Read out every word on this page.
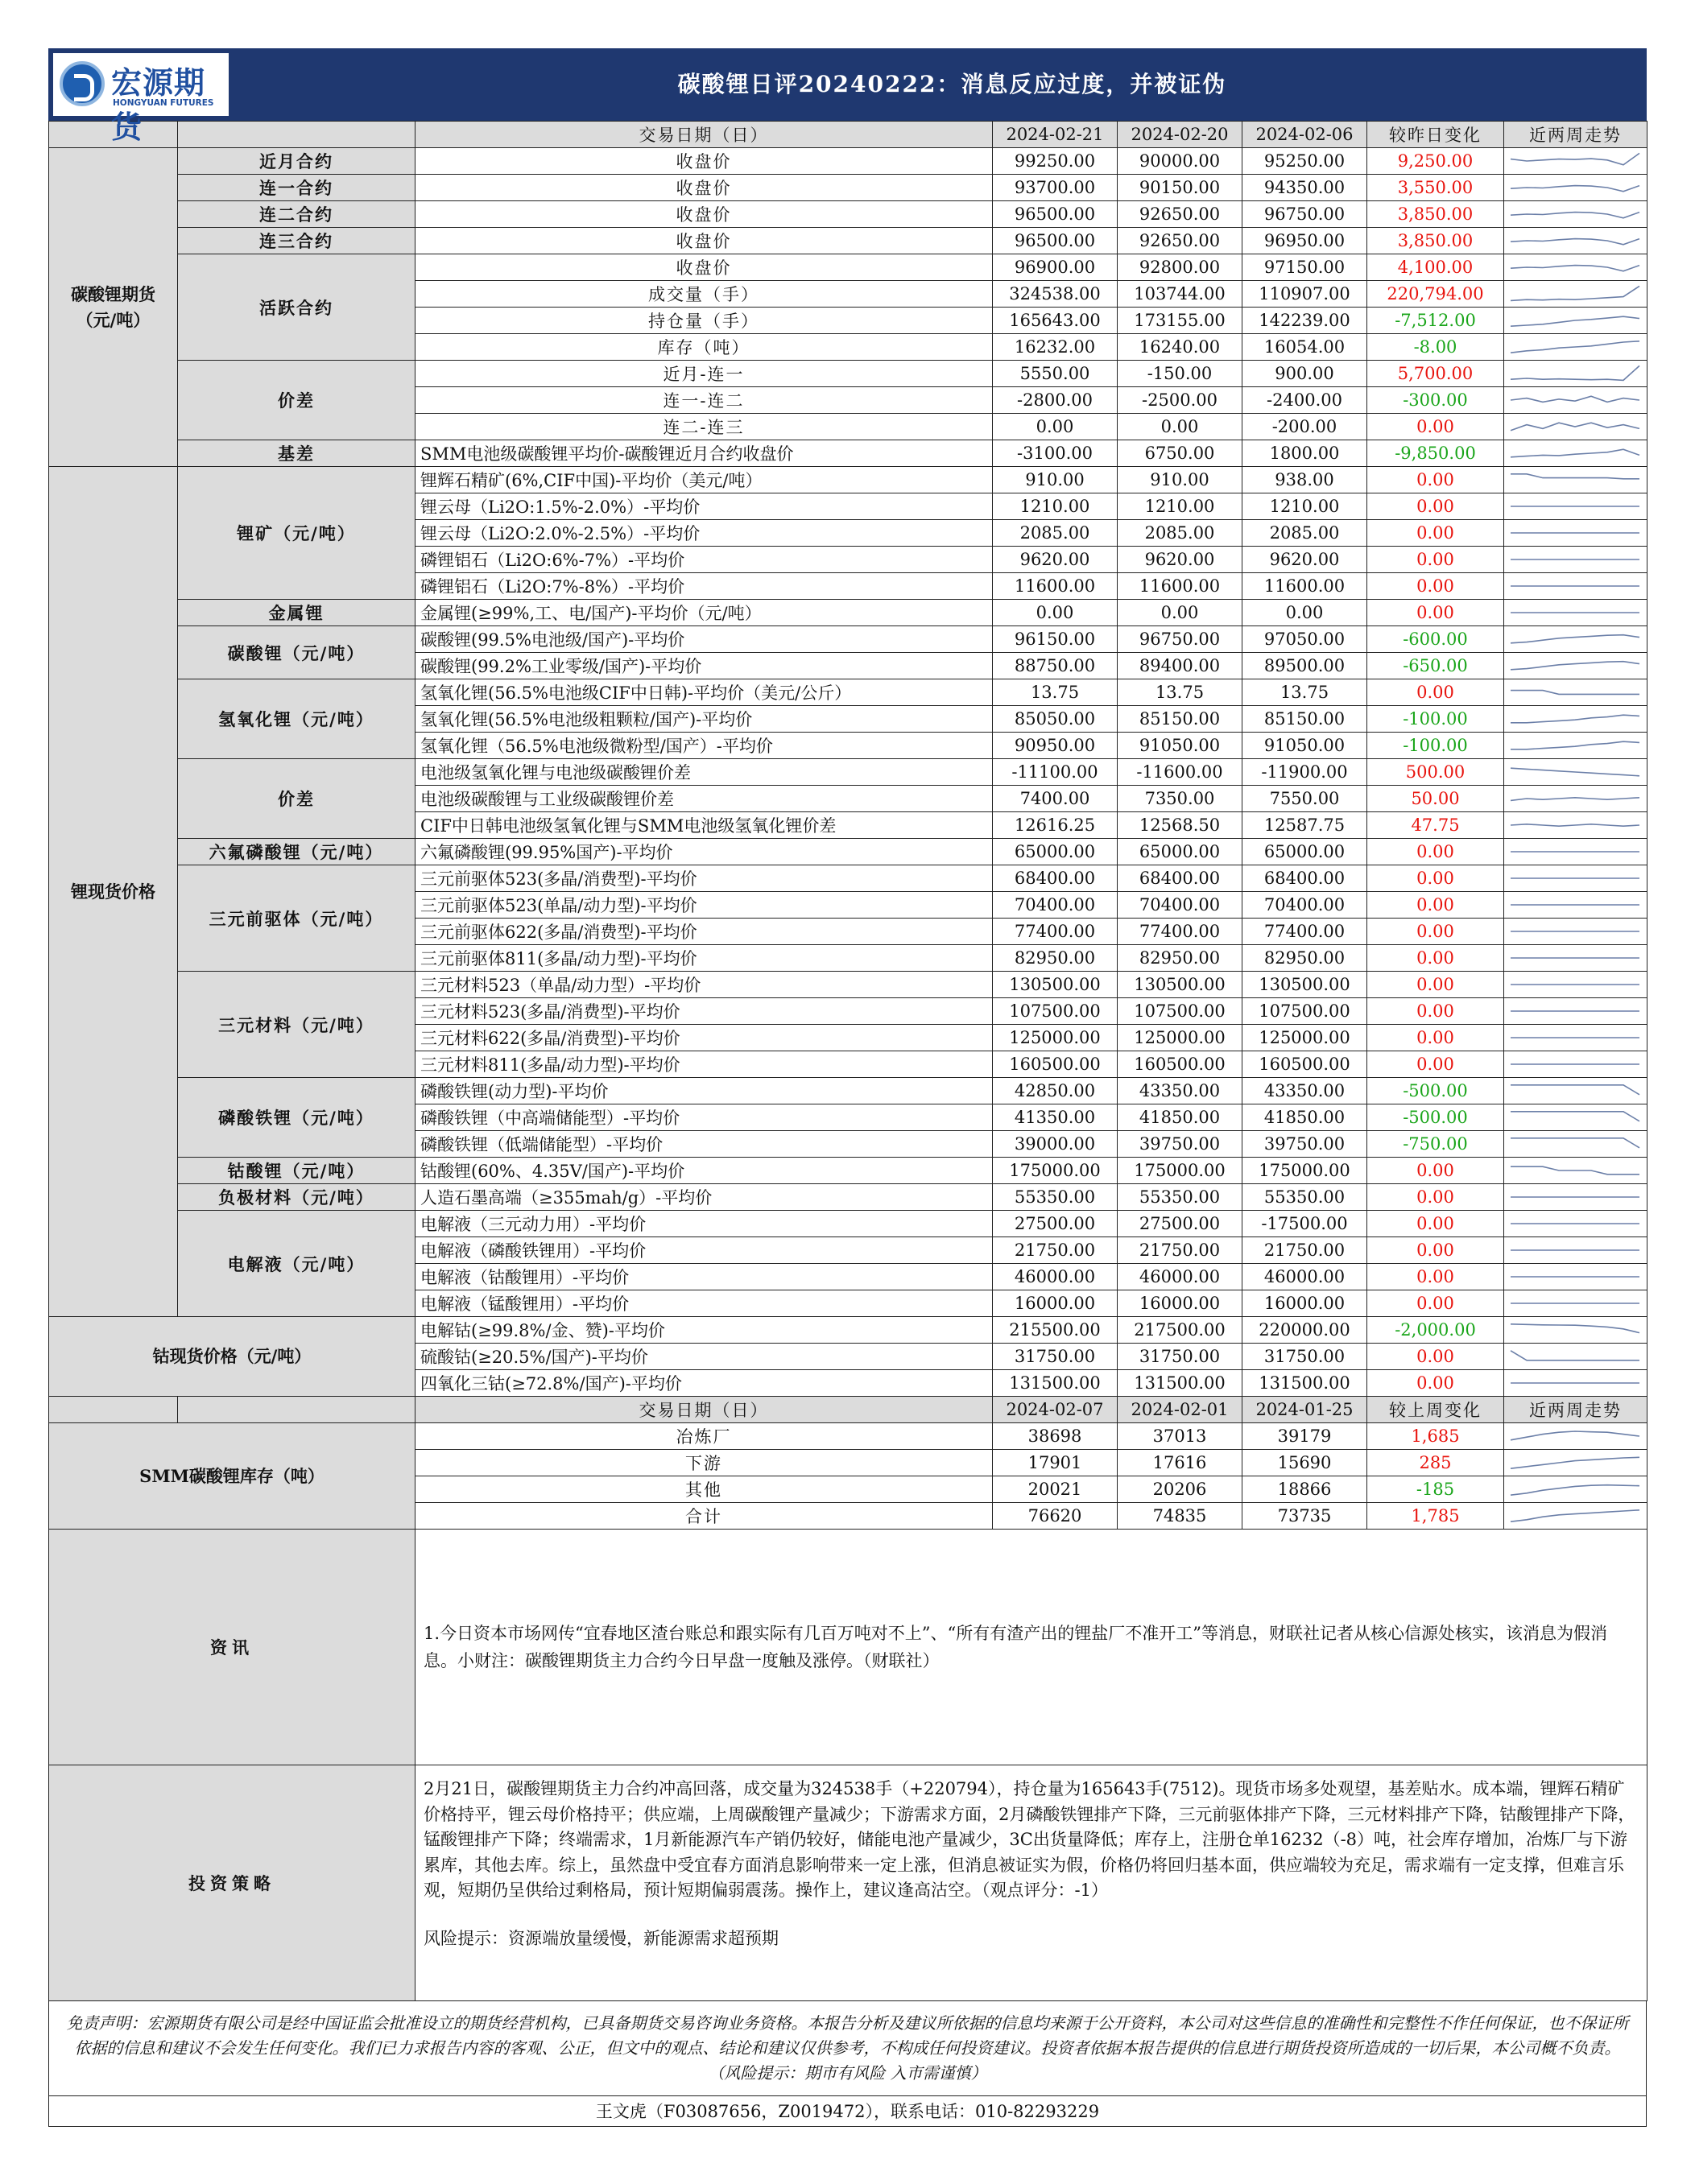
宏源期货
HONGYUAN FUTURES
碳酸锂日评20240222：消息反应过度，并被证伪
		交易日期（日）	2024-02-21	2024-02-20	2024-02-06	较昨日变化	近两周走势
碳酸锂期货（元/吨）	近月合约	收盘价	99250.00	90000.00	95250.00	9,250.00	

	连一合约	收盘价	93700.00	90150.00	94350.00	3,550.00	

	连二合约	收盘价	96500.00	92650.00	96750.00	3,850.00	

	连三合约	收盘价	96500.00	92650.00	96950.00	3,850.00	

	活跃合约	收盘价	96900.00	92800.00	97150.00	4,100.00	

		成交量（手）	324538.00	103744.00	110907.00	220,794.00	

		持仓量（手）	165643.00	173155.00	142239.00	-7,512.00	

		库存（吨）	16232.00	16240.00	16054.00	-8.00	

	价差	近月-连一	5550.00	-150.00	900.00	5,700.00	

		连一-连二	-2800.00	-2500.00	-2400.00	-300.00	

		连二-连三	0.00	0.00	-200.00	0.00	

	基差	SMM电池级碳酸锂平均价-碳酸锂近月合约收盘价	-3100.00	6750.00	1800.00	-9,850.00	

锂现货价格	锂矿（元/吨）	锂辉石精矿(6%,CIF中国)-平均价（美元/吨）	910.00	910.00	938.00	0.00	

		锂云母（Li2O:1.5%-2.0%）-平均价	1210.00	1210.00	1210.00	0.00	

		锂云母（Li2O:2.0%-2.5%）-平均价	2085.00	2085.00	2085.00	0.00	

		磷锂铝石（Li2O:6%-7%）-平均价	9620.00	9620.00	9620.00	0.00	

		磷锂铝石（Li2O:7%-8%）-平均价	11600.00	11600.00	11600.00	0.00	

	金属锂	金属锂(≥99%,工、电/国产)-平均价（元/吨）	0.00	0.00	0.00	0.00	

	碳酸锂（元/吨）	碳酸锂(99.5%电池级/国产)-平均价	96150.00	96750.00	97050.00	-600.00	

		碳酸锂(99.2%工业零级/国产)-平均价	88750.00	89400.00	89500.00	-650.00	

	氢氧化锂（元/吨）	氢氧化锂(56.5%电池级CIF中日韩)-平均价（美元/公斤）	13.75	13.75	13.75	0.00	

		氢氧化锂(56.5%电池级粗颗粒/国产)-平均价	85050.00	85150.00	85150.00	-100.00	

		氢氧化锂（56.5%电池级微粉型/国产）-平均价	90950.00	91050.00	91050.00	-100.00	

	价差	电池级氢氧化锂与电池级碳酸锂价差	-11100.00	-11600.00	-11900.00	500.00	

		电池级碳酸锂与工业级碳酸锂价差	7400.00	7350.00	7550.00	50.00	

		CIF中日韩电池级氢氧化锂与SMM电池级氢氧化锂价差	12616.25	12568.50	12587.75	47.75	

	六氟磷酸锂（元/吨）	六氟磷酸锂(99.95%国产)-平均价	65000.00	65000.00	65000.00	0.00	

	三元前驱体（元/吨）	三元前驱体523(多晶/消费型)-平均价	68400.00	68400.00	68400.00	0.00	

		三元前驱体523(单晶/动力型)-平均价	70400.00	70400.00	70400.00	0.00	

		三元前驱体622(多晶/消费型)-平均价	77400.00	77400.00	77400.00	0.00	

		三元前驱体811(多晶/动力型)-平均价	82950.00	82950.00	82950.00	0.00	

	三元材料（元/吨）	三元材料523（单晶/动力型）-平均价	130500.00	130500.00	130500.00	0.00	

		三元材料523(多晶/消费型)-平均价	107500.00	107500.00	107500.00	0.00	

		三元材料622(多晶/消费型)-平均价	125000.00	125000.00	125000.00	0.00	

		三元材料811(多晶/动力型)-平均价	160500.00	160500.00	160500.00	0.00	

	磷酸铁锂（元/吨）	磷酸铁锂(动力型)-平均价	42850.00	43350.00	43350.00	-500.00	

		磷酸铁锂（中高端储能型）-平均价	41350.00	41850.00	41850.00	-500.00	

		磷酸铁锂（低端储能型）-平均价	39000.00	39750.00	39750.00	-750.00	

	钴酸锂（元/吨）	钴酸锂(60%、4.35V/国产)-平均价	175000.00	175000.00	175000.00	0.00	

	负极材料（元/吨）	人造石墨高端（≥355mah/g）-平均价	55350.00	55350.00	55350.00	0.00	

	电解液（元/吨）	电解液（三元动力用）-平均价	27500.00	27500.00	-17500.00	0.00	

		电解液（磷酸铁锂用）-平均价	21750.00	21750.00	21750.00	0.00	

		电解液（钴酸锂用）-平均价	46000.00	46000.00	46000.00	0.00	

		电解液（锰酸锂用）-平均价	16000.00	16000.00	16000.00	0.00	

钴现货价格（元/吨）		电解钴(≥99.8%/金、赞)-平均价	215500.00	217500.00	220000.00	-2,000.00	

		硫酸钴(≥20.5%/国产)-平均价	31750.00	31750.00	31750.00	0.00	

		四氧化三钴(≥72.8%/国产)-平均价	131500.00	131500.00	131500.00	0.00	

		交易日期（日）	2024-02-07	2024-02-01	2024-01-25	较上周变化	近两周走势
SMM碳酸锂库存（吨）		冶炼厂	38698	37013	39179	1,685	

		下游	17901	17616	15690	285	

		其他	20021	20206	18866	-185	

		合计	76620	74835	73735	1,785	

资讯		1.今日资本市场网传“宜春地区渣台账总和跟实际有几百万吨对不上”、“所有有渣产出的锂盐厂不准开工”等消息，财联社记者从核心信源处核实，该消息为假消息。小财注：碳酸锂期货主力合约今日早盘一度触及涨停。（财联社）					
投资策略		2月21日，碳酸锂期货主力合约冲高回落，成交量为324538手（+220794），持仓量为165643手(7512)。现货市场多处观望，基差贴水。成本端，锂辉石精矿价格持平，锂云母价格持平；供应端，上周碳酸锂产量减少；下游需求方面，2月磷酸铁锂排产下降，三元前驱体排产下降，三元材料排产下降，钴酸锂排产下降，锰酸锂排产下降；终端需求，1月新能源汽车产销仍较好，储能电池产量减少，3C出货量降低；库存上，注册仓单16232（-8）吨，社会库存增加，冶炼厂与下游累库，其他去库。综上，虽然盘中受宜春方面消息影响带来一定上涨，但消息被证实为假，价格仍将回归基本面，供应端较为充足，需求端有一定支撑，但难言乐观，短期仍呈供给过剩格局，预计短期偏弱震荡。操作上，建议逢高沽空。（观点评分：-1）

风险提示：资源端放量缓慢，新能源需求超预期					

免责声明：宏源期货有限公司是经中国证监会批准设立的期货经营机构，已具备期货交易咨询业务资格。本报告分析及建议所依据的信息均来源于公开资料，本公司对这些信息的准确性和完整性不作任何保证，也不保证所依据的信息和建议不会发生任何变化。我们已力求报告内容的客观、公正，但文中的观点、结论和建议仅供参考，不构成任何投资建议。投资者依据本报告提供的信息进行期货投资所造成的一切后果，本公司概不负责。（风险提示：期市有风险 入市需谨慎）
王文虎（F03087656，Z0019472），联系电话：010-82293229
